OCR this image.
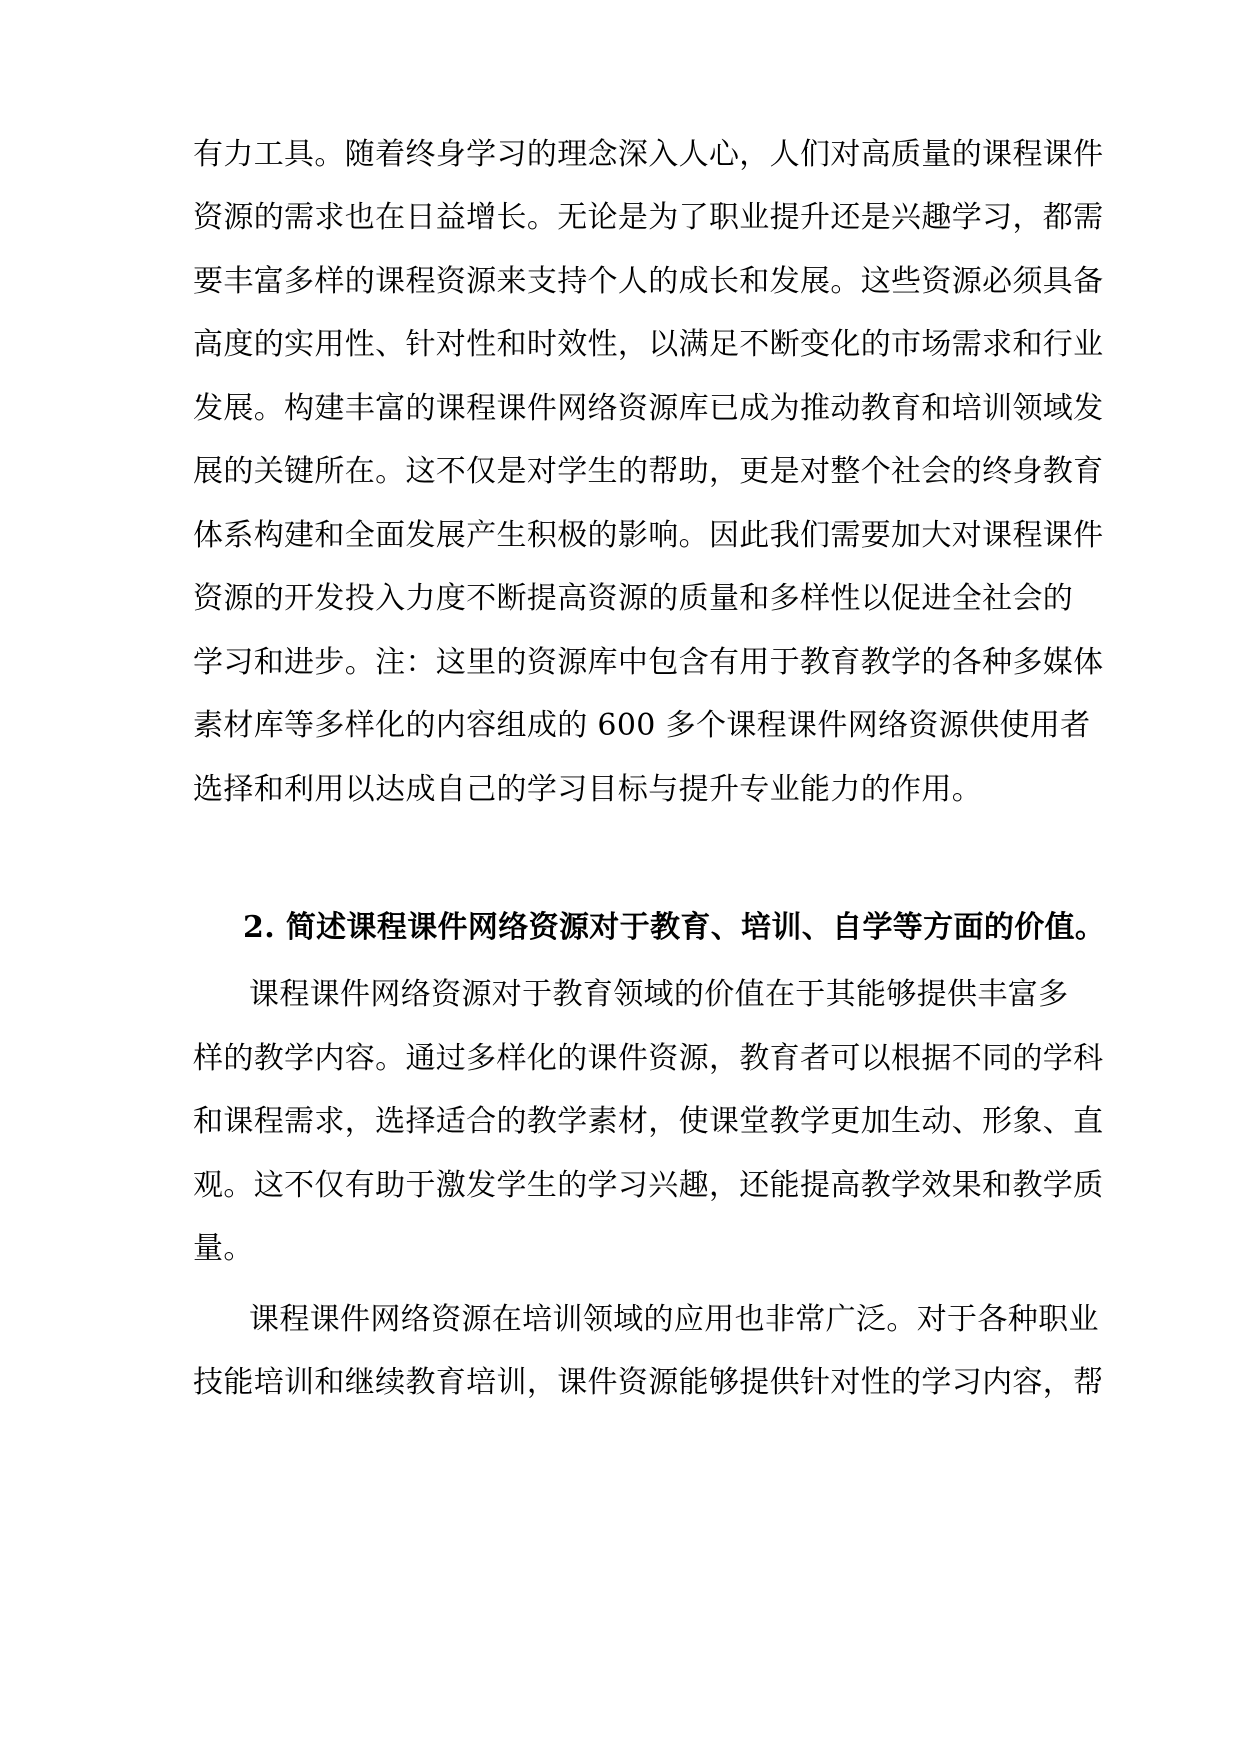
有力工具。随着终身学习的理念深入人心，人们对高质量的课程课件
资源的需求也在日益增长。无论是为了职业提升还是兴趣学习，都需
要丰富多样的课程资源来支持个人的成长和发展。这些资源必须具备
高度的实用性、针对性和时效性，以满足不断变化的市场需求和行业
发展。构建丰富的课程课件网络资源库已成为推动教育和培训领域发
展的关键所在。这不仅是对学生的帮助，更是对整个社会的终身教育
体系构建和全面发展产生积极的影响。因此我们需要加大对课程课件
资源的开发投入力度不断提高资源的质量和多样性以促进全社会的
学习和进步。注：这里的资源库中包含有用于教育教学的各种多媒体
素材库等多样化的内容组成的 600 多个课程课件网络资源供使用者
选择和利用以达成自己的学习目标与提升专业能力的作用。
2. 简述课程课件网络资源对于教育、培训、自学等方面的价值。
课程课件网络资源对于教育领域的价值在于其能够提供丰富多
样的教学内容。通过多样化的课件资源，教育者可以根据不同的学科
和课程需求，选择适合的教学素材，使课堂教学更加生动、形象、直
观。这不仅有助于激发学生的学习兴趣，还能提高教学效果和教学质
量。
课程课件网络资源在培训领域的应用也非常广泛。对于各种职业
技能培训和继续教育培训，课件资源能够提供针对性的学习内容，帮
